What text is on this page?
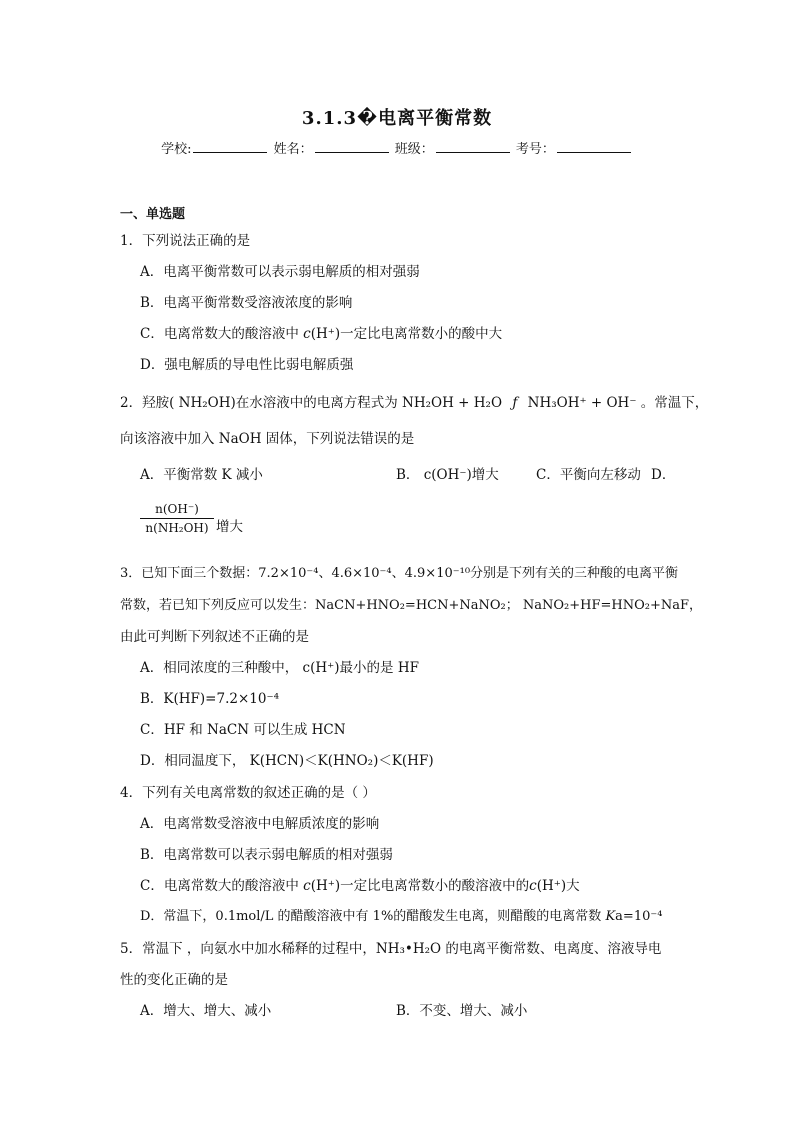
3.1.3�电离平衡常数
学校:	姓名：	班级：	考号：
一、单选题
1．下列说法正确的是
A．电离平衡常数可以表示弱电解质的相对强弱
B．电离平衡常数受溶液浓度的影响
C．电离常数大的酸溶液中 c(H⁺)一定比电离常数小的酸中大
D．强电解质的导电性比弱电解质强
2．羟胺( NH₂OH)在水溶液中的电离方程式为 NH₂OH + H₂O ƒ NH₃OH⁺ + OH⁻ 。常温下，
向该溶液中加入 NaOH 固体，下列说法错误的是
A．平衡常数 K 减小	B． c(OH⁻)增大	C．平衡向左移动 D．
$\frac{n(OH^-)}{\text{n(NH₂OH)}}$ 增大
3．已知下面三个数据：7.2×10⁻⁴、4.6×10⁻⁴、4.9×10⁻¹⁰分别是下列有关的三种酸的电离平衡
常数，若已知下列反应可以发生：NaCN+HNO₂=HCN+NaNO₂； NaNO₂+HF=HNO₂+NaF，
由此可判断下列叙述不正确的是
A．相同浓度的三种酸中， c(H⁺)最小的是 HF
B．K(HF)=7.2×10⁻⁴
C．HF 和 NaCN 可以生成 HCN
D．相同温度下， K(HCN)＜K(HNO₂)＜K(HF)
4．下列有关电离常数的叙述正确的是（ ）
A．电离常数受溶液中电解质浓度的影响
B．电离常数可以表示弱电解质的相对强弱
C．电离常数大的酸溶液中 c(H⁺)一定比电离常数小的酸溶液中的c(H⁺)大
D．常温下，0.1mol/L 的醋酸溶液中有 1%的醋酸发生电离，则醋酸的电离常数 Ka=10⁻⁴
5．常温下 ，向氨水中加水稀释的过程中，NH₃•H₂O 的电离平衡常数、电离度、溶液导电
性的变化正确的是
A．增大、增大、减小	B．不变、增大、减小
